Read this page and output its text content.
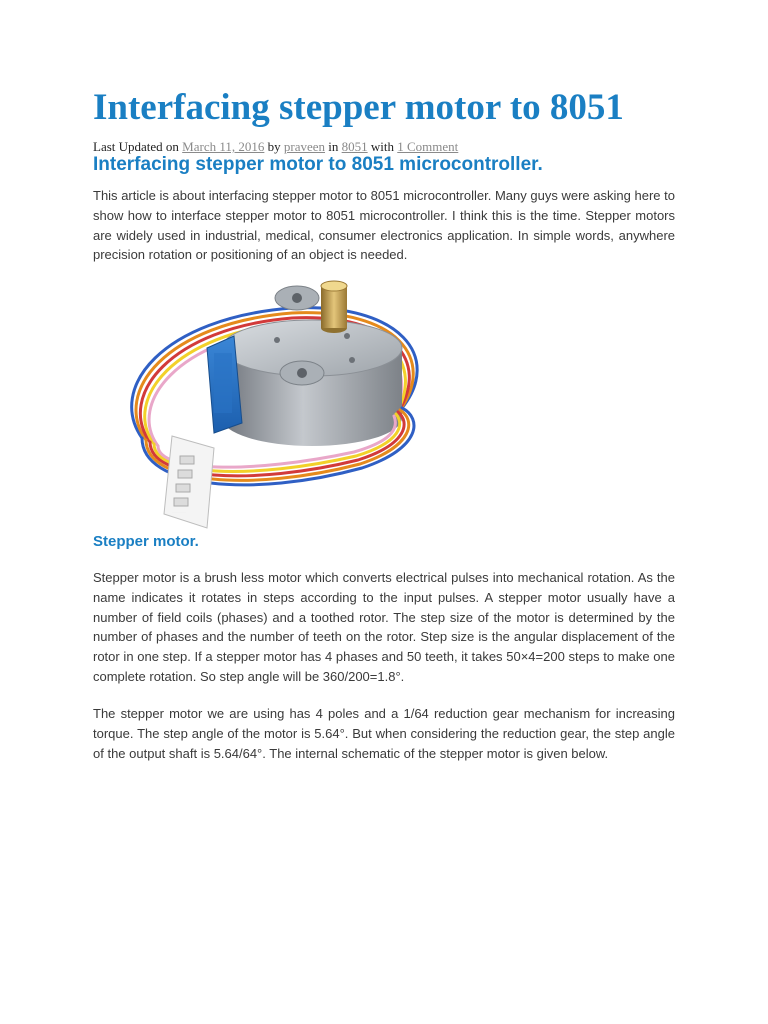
Interfacing stepper motor to 8051
Last Updated on March 11, 2016 by praveen in 8051 with 1 Comment
Interfacing stepper motor to 8051 microcontroller.

This article is about interfacing stepper motor to 8051 microcontroller. Many guys were asking here to show how to interface stepper motor to 8051 microcontroller. I think this is the time. Stepper motors are widely used in industrial, medical, consumer electronics application. In simple words, anywhere precision rotation or positioning of an object is needed.

Stepper motor.

Stepper motor is a brush less motor which converts electrical pulses into mechanical rotation. As the name indicates it rotates in steps according to the input pulses. A stepper motor usually have a number of field coils (phases) and a toothed rotor. The step size of the motor is determined by the number of phases and the number of teeth on the rotor. Step size is the angular displacement of the rotor in one step. If a stepper motor has 4 phases and 50 teeth, it takes 50×4=200 steps to make one complete rotation. So step angle will be 360/200=1.8°.

The stepper motor we are using has 4 poles and a 1/64 reduction gear mechanism for increasing torque. The step angle of the motor is 5.64°. But when considering the reduction gear, the step angle of the output shaft is 5.64/64°. The internal schematic of the stepper motor is given below.
